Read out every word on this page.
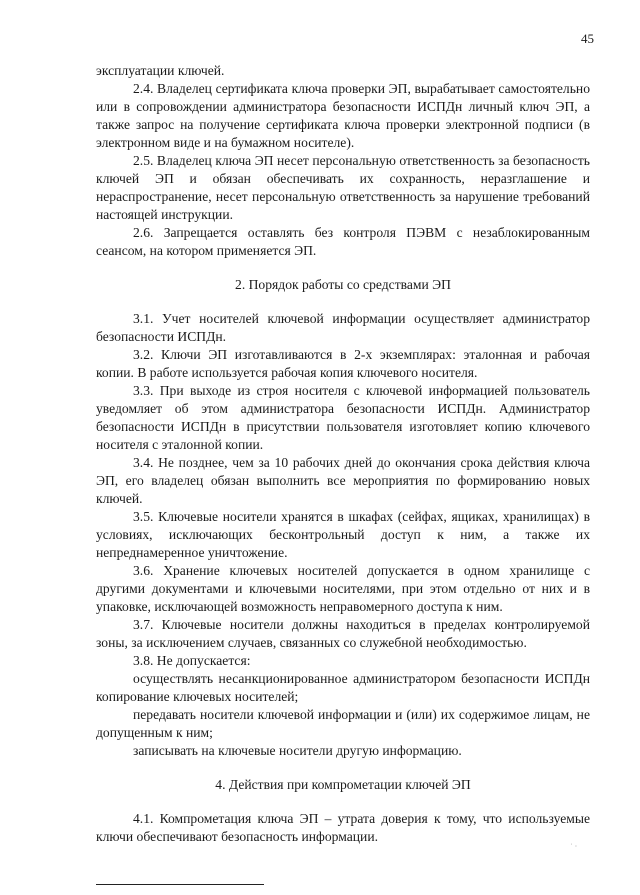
45

эксплуатации ключей.

2.4. Владелец сертификата ключа проверки ЭП, вырабатывает самостоятельно или в сопровождении администратора безопасности ИСПДн личный ключ ЭП, а также запрос на получение сертификата ключа проверки электронной подписи (в электронном виде и на бумажном носителе).

2.5. Владелец ключа ЭП несет персональную ответственность за безопасность ключей ЭП и обязан обеспечивать их сохранность, неразглашение и нераспространение, несет персональную ответственность за нарушение требований настоящей инструкции.

2.6. Запрещается оставлять без контроля ПЭВМ с незаблокированным сеансом, на котором применяется ЭП.

2. Порядок работы со средствами ЭП

3.1. Учет носителей ключевой информации осуществляет администратор безопасности ИСПДн.

3.2. Ключи ЭП изготавливаются в 2-х экземплярах: эталонная и рабочая копии. В работе используется рабочая копия ключевого носителя.

3.3. При выходе из строя носителя с ключевой информацией пользователь уведомляет об этом администратора безопасности ИСПДн. Администратор безопасности ИСПДн в присутствии пользователя изготовляет копию ключевого носителя с эталонной копии.

3.4. Не позднее, чем за 10 рабочих дней до окончания срока действия ключа ЭП, его владелец обязан выполнить все мероприятия по формированию новых ключей.

3.5. Ключевые носители хранятся в шкафах (сейфах, ящиках, хранилищах) в условиях, исключающих бесконтрольный доступ к ним, а также их непреднамеренное уничтожение.

3.6. Хранение ключевых носителей допускается в одном хранилище с другими документами и ключевыми носителями, при этом отдельно от них и в упаковке, исключающей возможность неправомерного доступа к ним.

3.7. Ключевые носители должны находиться в пределах контролируемой зоны, за исключением случаев, связанных со служебной необходимостью.

3.8. Не допускается:

осуществлять несанкционированное администратором безопасности ИСПДн копирование ключевых носителей;

передавать носители ключевой информации и (или) их содержимое лицам, не допущенным к ним;

записывать на ключевые носители другую информацию.

4. Действия при компрометации ключей ЭП

4.1. Компрометация ключа ЭП – утрата доверия к тому, что используемые ключи обеспечивают безопасность информации.

˙ ·
